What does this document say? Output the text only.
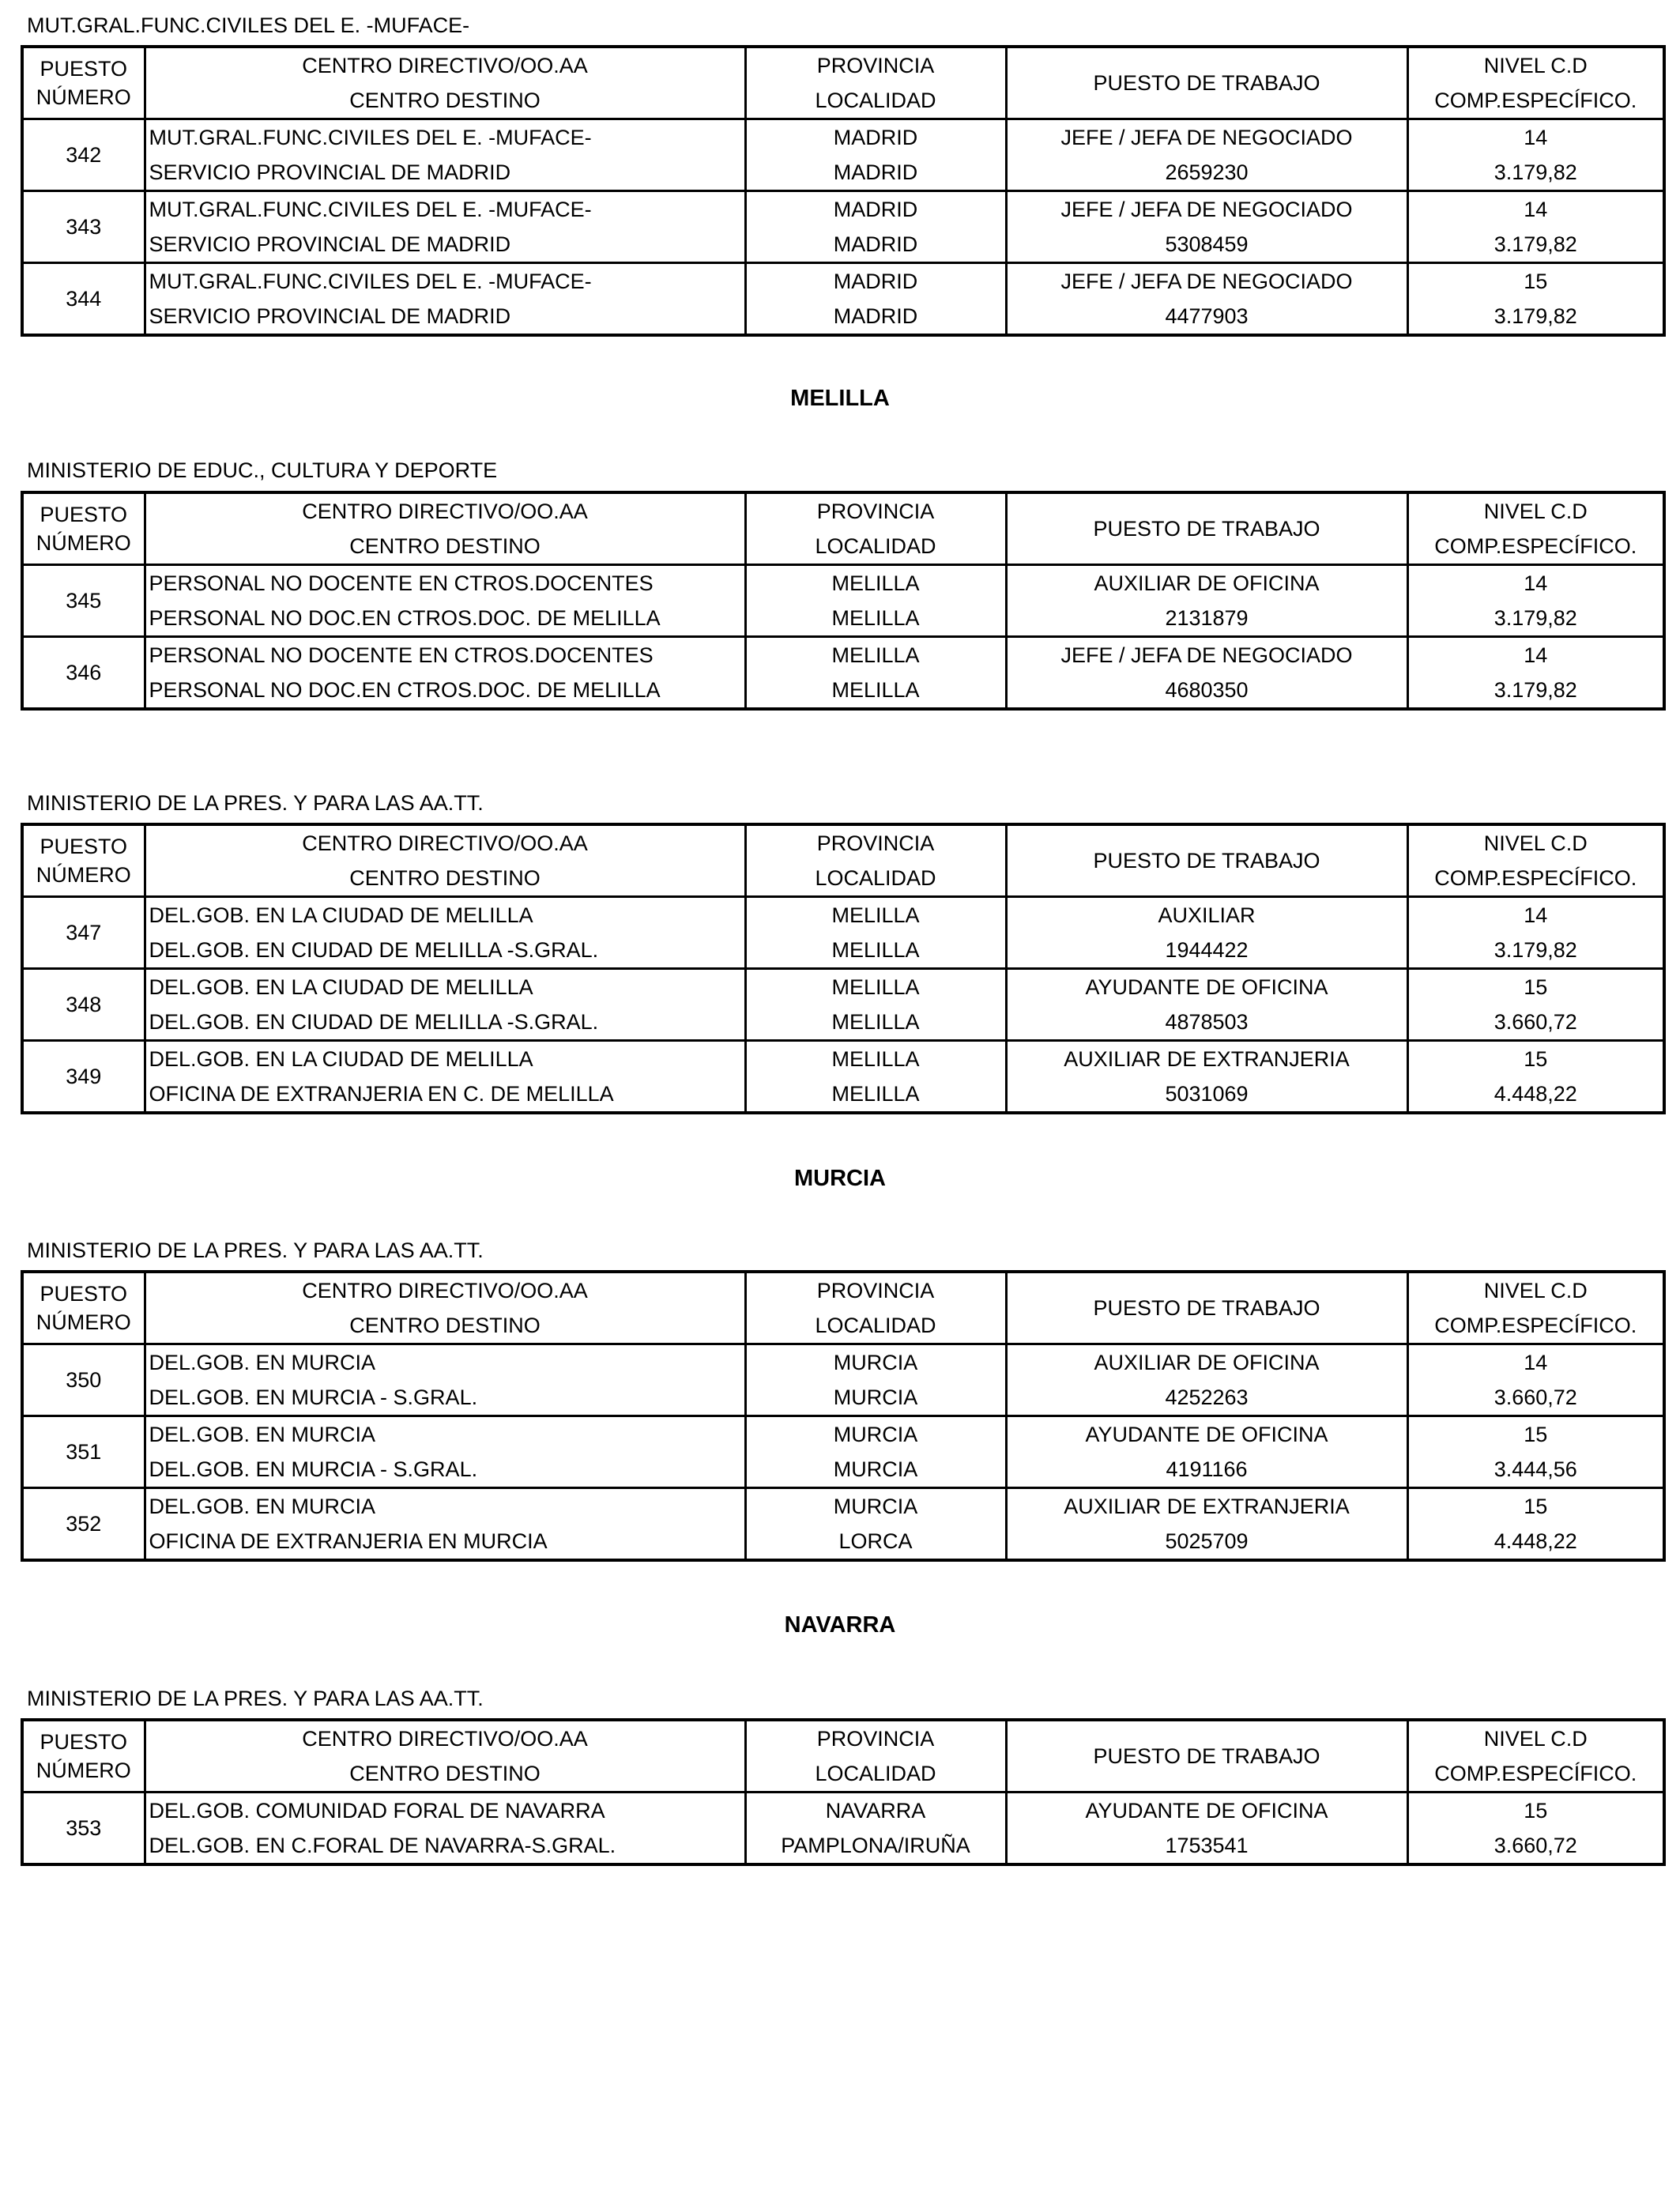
MUT.GRAL.FUNC.CIVILES DEL E. -MUFACE-
PUESTO
NÚMERO	CENTRO DIRECTIVO/OO.AA	PROVINCIA	PUESTO DE TRABAJO	NIVEL C.D
	CENTRO DESTINO	LOCALIDAD		COMP.ESPECÍFICO.
342	MUT.GRAL.FUNC.CIVILES DEL E. -MUFACE-	MADRID	JEFE / JEFA DE NEGOCIADO	14
	SERVICIO PROVINCIAL DE MADRID	MADRID	2659230	3.179,82
343	MUT.GRAL.FUNC.CIVILES DEL E. -MUFACE-	MADRID	JEFE / JEFA DE NEGOCIADO	14
	SERVICIO PROVINCIAL DE MADRID	MADRID	5308459	3.179,82
344	MUT.GRAL.FUNC.CIVILES DEL E. -MUFACE-	MADRID	JEFE / JEFA DE NEGOCIADO	15
	SERVICIO PROVINCIAL DE MADRID	MADRID	4477903	3.179,82
MELILLA
MINISTERIO DE EDUC., CULTURA Y DEPORTE
PUESTO
NÚMERO	CENTRO DIRECTIVO/OO.AA	PROVINCIA	PUESTO DE TRABAJO	NIVEL C.D
	CENTRO DESTINO	LOCALIDAD		COMP.ESPECÍFICO.
345	PERSONAL NO DOCENTE EN CTROS.DOCENTES	MELILLA	AUXILIAR DE OFICINA	14
	PERSONAL NO DOC.EN CTROS.DOC. DE MELILLA	MELILLA	2131879	3.179,82
346	PERSONAL NO DOCENTE EN CTROS.DOCENTES	MELILLA	JEFE / JEFA DE NEGOCIADO	14
	PERSONAL NO DOC.EN CTROS.DOC. DE MELILLA	MELILLA	4680350	3.179,82
MINISTERIO DE LA PRES. Y PARA LAS AA.TT.
PUESTO
NÚMERO	CENTRO DIRECTIVO/OO.AA	PROVINCIA	PUESTO DE TRABAJO	NIVEL C.D
	CENTRO DESTINO	LOCALIDAD		COMP.ESPECÍFICO.
347	DEL.GOB. EN LA CIUDAD DE MELILLA	MELILLA	AUXILIAR	14
	DEL.GOB. EN CIUDAD DE MELILLA -S.GRAL.	MELILLA	1944422	3.179,82
348	DEL.GOB. EN LA CIUDAD DE MELILLA	MELILLA	AYUDANTE DE OFICINA	15
	DEL.GOB. EN CIUDAD DE MELILLA -S.GRAL.	MELILLA	4878503	3.660,72
349	DEL.GOB. EN LA CIUDAD DE MELILLA	MELILLA	AUXILIAR DE EXTRANJERIA	15
	OFICINA DE EXTRANJERIA EN C. DE MELILLA	MELILLA	5031069	4.448,22
MURCIA
MINISTERIO DE LA PRES. Y PARA LAS AA.TT.
PUESTO
NÚMERO	CENTRO DIRECTIVO/OO.AA	PROVINCIA	PUESTO DE TRABAJO	NIVEL C.D
	CENTRO DESTINO	LOCALIDAD		COMP.ESPECÍFICO.
350	DEL.GOB. EN MURCIA	MURCIA	AUXILIAR DE OFICINA	14
	DEL.GOB. EN MURCIA - S.GRAL.	MURCIA	4252263	3.660,72
351	DEL.GOB. EN MURCIA	MURCIA	AYUDANTE DE OFICINA	15
	DEL.GOB. EN MURCIA - S.GRAL.	MURCIA	4191166	3.444,56
352	DEL.GOB. EN MURCIA	MURCIA	AUXILIAR DE EXTRANJERIA	15
	OFICINA DE EXTRANJERIA EN MURCIA	LORCA	5025709	4.448,22
NAVARRA
MINISTERIO DE LA PRES. Y PARA LAS AA.TT.
PUESTO
NÚMERO	CENTRO DIRECTIVO/OO.AA	PROVINCIA	PUESTO DE TRABAJO	NIVEL C.D
	CENTRO DESTINO	LOCALIDAD		COMP.ESPECÍFICO.
353	DEL.GOB. COMUNIDAD FORAL DE NAVARRA	NAVARRA	AYUDANTE DE OFICINA	15
	DEL.GOB. EN C.FORAL DE NAVARRA-S.GRAL.	PAMPLONA/IRUÑA	1753541	3.660,72
